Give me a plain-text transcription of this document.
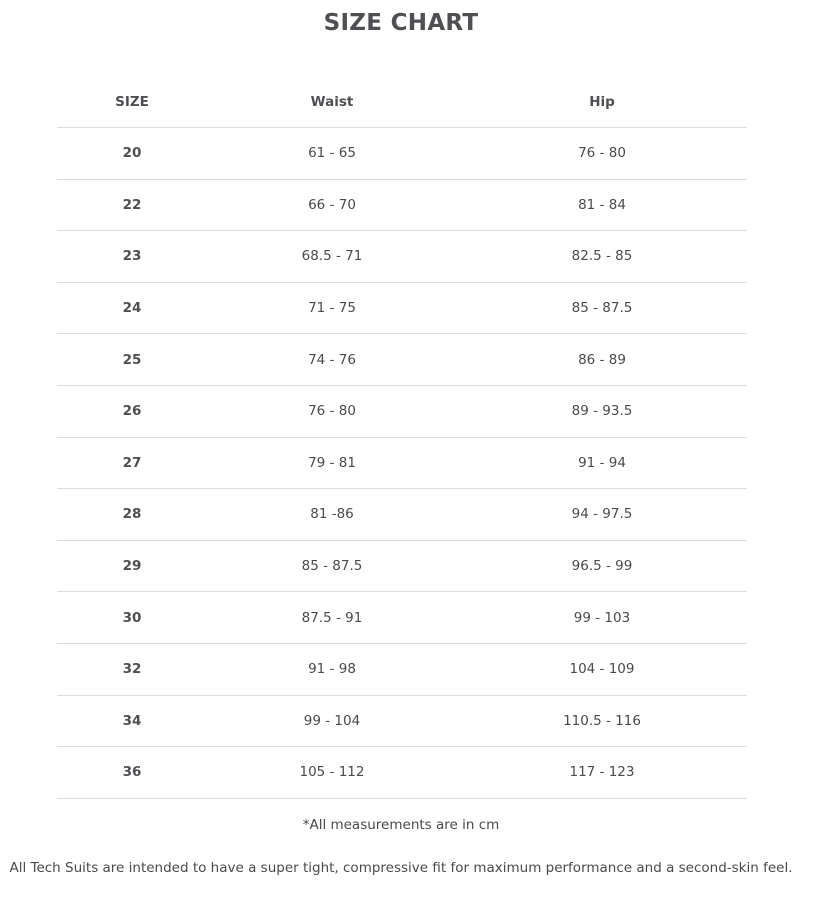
SIZE CHART
SIZE	Waist	Hip
20	61 - 65	76 - 80
22	66 - 70	81 - 84
23	68.5 - 71	82.5 - 85
24	71 - 75	85 - 87.5
25	74 - 76	86 - 89
26	76 - 80	89 - 93.5
27	79 - 81	91 - 94
28	81 -86	94 - 97.5
29	85 - 87.5	96.5 - 99
30	87.5 - 91	99 - 103
32	91 - 98	104 - 109
34	99 - 104	110.5 - 116
36	105 - 112	117 - 123
*All measurements are in cm
All Tech Suits are intended to have a super tight, compressive fit for maximum performance and a second-skin feel.
